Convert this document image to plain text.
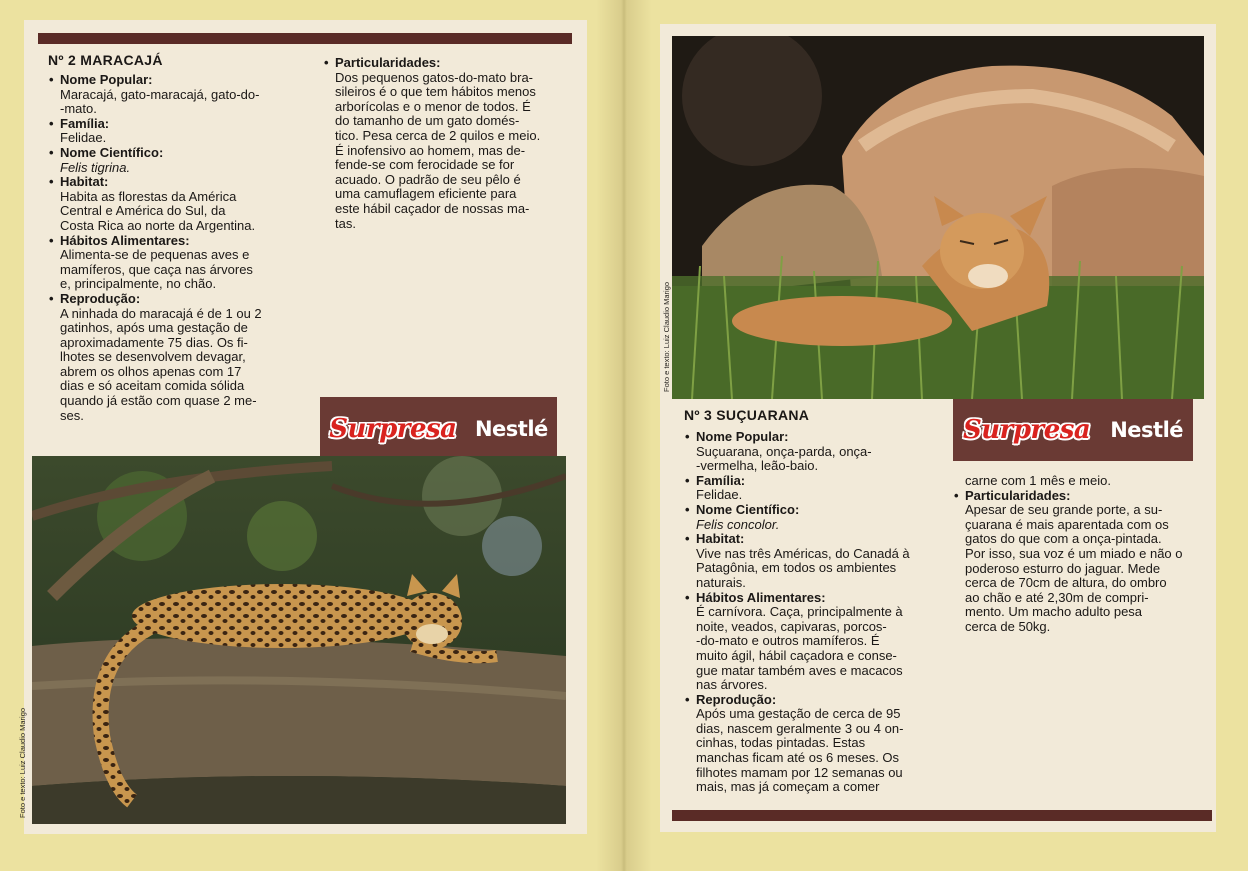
Nº 2 MARACAJÁ
• Nome Popular:
Maracajá, gato-maracajá, gato-do-
-mato.
• Família:
Felidae.
• Nome Científico:
Felis tigrina.
• Habitat:
Habita as florestas da América
Central e América do Sul, da
Costa Rica ao norte da Argentina.
• Hábitos Alimentares:
Alimenta-se de pequenas aves e
mamíferos, que caça nas árvores
e, principalmente, no chão.
• Reprodução:
A ninhada do maracajá é de 1 ou 2
gatinhos, após uma gestação de
aproximadamente 75 dias. Os fi-
lhotes se desenvolvem devagar,
abrem os olhos apenas com 17
dias e só aceitam comida sólida
quando já estão com quase 2 me-
ses.
• Particularidades:
Dos pequenos gatos-do-mato bra-
sileiros é o que tem hábitos menos
arborícolas e o menor de todos. É
do tamanho de um gato domés-
tico. Pesa cerca de 2 quilos e meio.
É inofensivo ao homem, mas de-
fende-se com ferocidade se for
acuado. O padrão de seu pêlo é
uma camuflagem eficiente para
este hábil caçador de nossas ma-
tas.
Surpresa Nestlé
Foto e texto: Luiz Claudio Marigo
Foto e texto: Luiz Claudio Marigo
Surpresa Nestlé
Nº 3 SUÇUARANA
• Nome Popular:
Suçuarana, onça-parda, onça-
-vermelha, leão-baio.
• Família:
Felidae.
• Nome Científico:
Felis concolor.
• Habitat:
Vive nas três Américas, do Canadá à
Patagônia, em todos os ambientes
naturais.
• Hábitos Alimentares:
É carnívora. Caça, principalmente à
noite, veados, capivaras, porcos-
-do-mato e outros mamíferos. É
muito ágil, hábil caçadora e conse-
gue matar também aves e macacos
nas árvores.
• Reprodução:
Após uma gestação de cerca de 95
dias, nascem geralmente 3 ou 4 on-
cinhas, todas pintadas. Estas
manchas ficam até os 6 meses. Os
filhotes mamam por 12 semanas ou
mais, mas já começam a comer
carne com 1 mês e meio.
• Particularidades:
Apesar de seu grande porte, a su-
çuarana é mais aparentada com os
gatos do que com a onça-pintada.
Por isso, sua voz é um miado e não o
poderoso esturro do jaguar. Mede
cerca de 70cm de altura, do ombro
ao chão e até 2,30m de compri-
mento. Um macho adulto pesa
cerca de 50kg.
